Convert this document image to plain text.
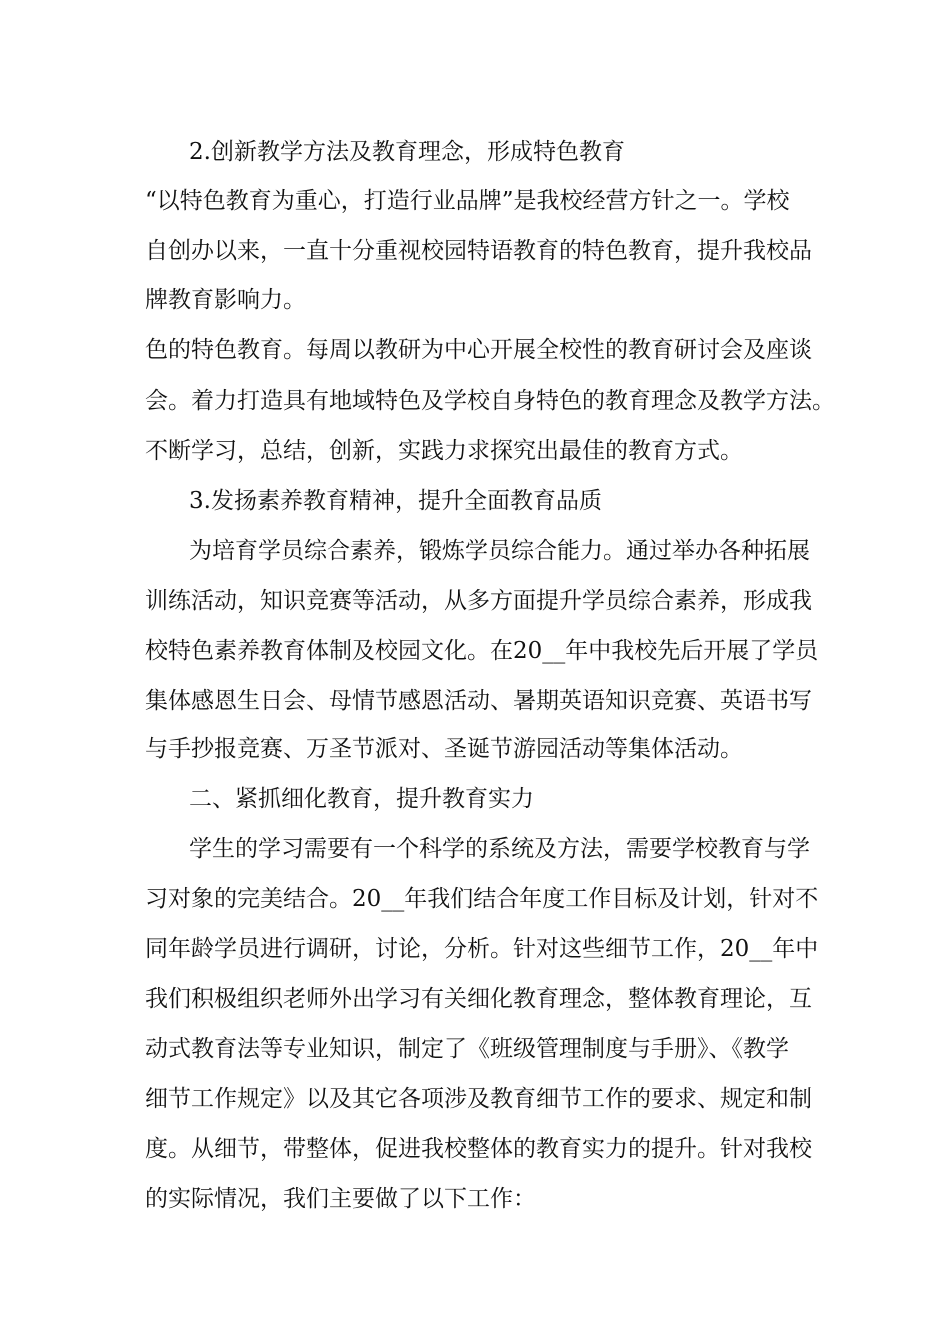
2.创新教学方法及教育理念，形成特色教育
“以特色教育为重心，打造行业品牌”是我校经营方针之一。学校
自创办以来，一直十分重视校园特语教育的特色教育，提升我校品
牌教育影响力。
色的特色教育。每周以教研为中心开展全校性的教育研讨会及座谈
会。着力打造具有地域特色及学校自身特色的教育理念及教学方法。
不断学习，总结，创新，实践力求探究出最佳的教育方式。
3.发扬素养教育精神，提升全面教育品质
为培育学员综合素养，锻炼学员综合能力。通过举办各种拓展
训练活动，知识竞赛等活动，从多方面提升学员综合素养，形成我
校特色素养教育体制及校园文化。在20__年中我校先后开展了学员
集体感恩生日会、母情节感恩活动、暑期英语知识竞赛、英语书写
与手抄报竞赛、万圣节派对、圣诞节游园活动等集体活动。
二、紧抓细化教育，提升教育实力
学生的学习需要有一个科学的系统及方法，需要学校教育与学
习对象的完美结合。20__年我们结合年度工作目标及计划，针对不
同年龄学员进行调研，讨论，分析。针对这些细节工作，20__年中
我们积极组织老师外出学习有关细化教育理念，整体教育理论，互
动式教育法等专业知识，制定了《班级管理制度与手册》、《教学
细节工作规定》以及其它各项涉及教育细节工作的要求、规定和制
度。从细节，带整体，促进我校整体的教育实力的提升。针对我校
的实际情况，我们主要做了以下工作：
